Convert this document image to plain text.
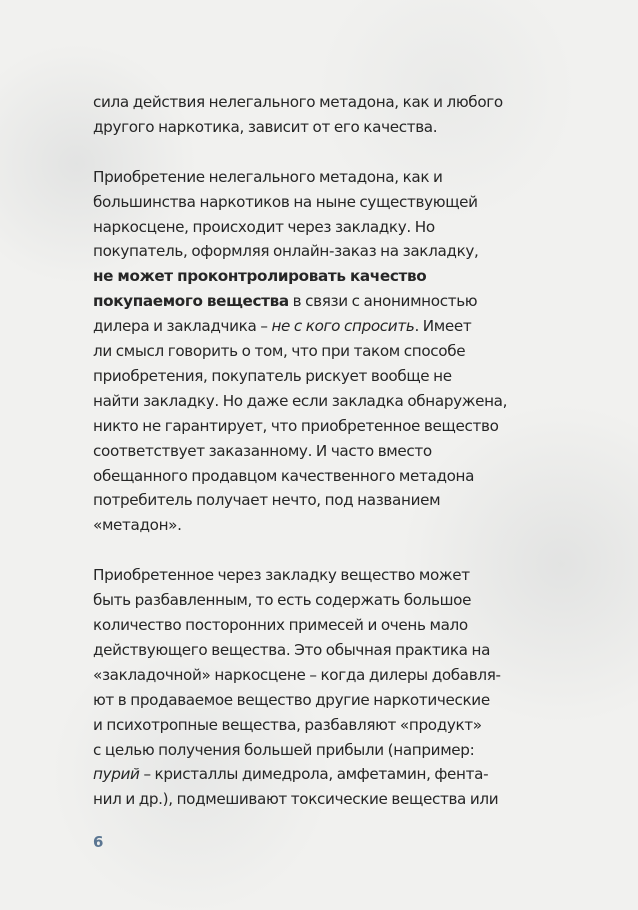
сила действия нелегального метадона, как и любого
другого наркотика, зависит от его качества.
Приобретение нелегального метадона, как и
большинства наркотиков на ныне существующей
наркосцене, происходит через закладку. Но
покупатель, оформляя онлайн-заказ на закладку,
не может проконтролировать качество
покупаемого вещества в связи с анонимностью
дилера и закладчика – не с кого спросить. Имеет
ли смысл говорить о том, что при таком способе
приобретения, покупатель рискует вообще не
найти закладку. Но даже если закладка обнаружена,
никто не гарантирует, что приобретенное вещество
соответствует заказанному. И часто вместо
обещанного продавцом качественного метадона
потребитель получает нечто, под названием
«метадон».
Приобретенное через закладку вещество может
быть разбавленным, то есть содержать большое
количество посторонних примесей и очень мало
действующего вещества. Это обычная практика на
«закладочной» наркосцене – когда дилеры добавля-
ют в продаваемое вещество другие наркотические
и психотропные вещества, разбавляют «продукт»
с целью получения большей прибыли (например:
пурий – кристаллы димедрола, амфетамин, фента-
нил и др.), подмешивают токсические вещества или
6
